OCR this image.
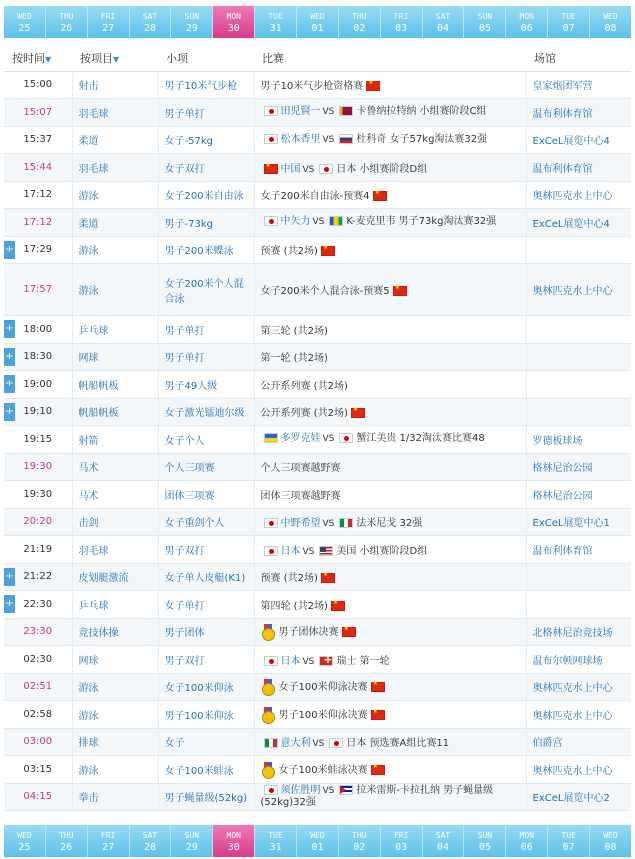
WED
25
THU
26
FRI
27
SAT
28
SUN
29
MON
30
TUE
31
WED
01
THU
02
FRI
03
SAT
04
SUN
05
MON
06
TUE
07
WED
08
按时间▼	按项目▼	小项	比赛	场馆
15:00	射击	男子10米气步枪	男子10米气步枪资格赛★	皇家炮团军营
15:07	羽毛球	男子单打	田児賢一 VS 卡鲁纳拉特纳 小组赛阶段C组	温布利体育馆
15:37	柔道	女子-57kg	松本香里 VS 杜科奇 女子57kg淘汰赛32强	ExCeL展览中心4
15:44	羽毛球	女子双打	★中国 VS 日本 小组赛阶段D组	温布利体育馆
17:12	游泳	女子200米自由泳	女子200米自由泳-预赛4★	奥林匹克水上中心
17:12	柔道	男子-73kg	中矢力 VS K-麦克里韦 男子73kg淘汰赛32强	ExCeL展览中心4

+ 17:29	游泳	男子200米蝶泳	预赛 (共2场)★	
17:57	游泳	女子200米个人混合泳	女子200米个人混合泳-预赛5★	奥林匹克水上中心

+ 18:00	乒乓球	男子单打	第三轮 (共2场)	

+ 18:30	网球	男子单打	第一轮 (共2场)	

+ 19:00	帆船帆板	男子49人级	公开系列赛 (共2场)	

+ 19:10	帆船帆板	女子激光镭迪尔级	公开系列赛 (共2场)★	
19:15	射箭	女子个人	多罗克娃 VS 蟹江美贵 1/32淘汰赛比赛48	罗德板球场
19:30	马术	个人三项赛	个人三项赛越野赛	格林尼治公园
19:30	马术	团体三项赛	团体三项赛越野赛	格林尼治公园
20:20	击剑	女子重剑个人	中野希望 VS 法米尼戈 32强	ExCeL展览中心1
21:19	羽毛球	男子双打	日本 VS 美国 小组赛阶段D组	温布利体育馆

+ 21:22	皮划艇激流	女子单人皮艇(K1)	预赛 (共2场)★	

+ 22:30	乒乓球	女子单打	第四轮 (共2场)★	
23:30	竞技体操	男子团体	男子团体决赛★	北格林尼治竞技场
02:30	网球	男子双打	日本 VS + 瑞士 第一轮	温布尔顿网球场
02:51	游泳	女子100米仰泳	女子100米仰泳决赛★	奥林匹克水上中心
02:58	游泳	男子100米仰泳	男子100米仰泳决赛★	奥林匹克水上中心
03:00	排球	女子	意大利 VS 日本 预选赛A组比赛11	伯爵宫
03:15	游泳	女子100米蛙泳	女子100米蛙泳决赛★	奥林匹克水上中心
04:15	拳击	男子蝇量级(52kg)	须佐胜明 VS 拉米雷斯-卡拉扎纳 男子蝇量级(52kg)32强	ExCeL展览中心2
WED
25
THU
26
FRI
27
SAT
28
SUN
29
MON
30
TUE
31
WED
01
THU
02
FRI
03
SAT
04
SUN
05
MON
06
TUE
07
WED
08
